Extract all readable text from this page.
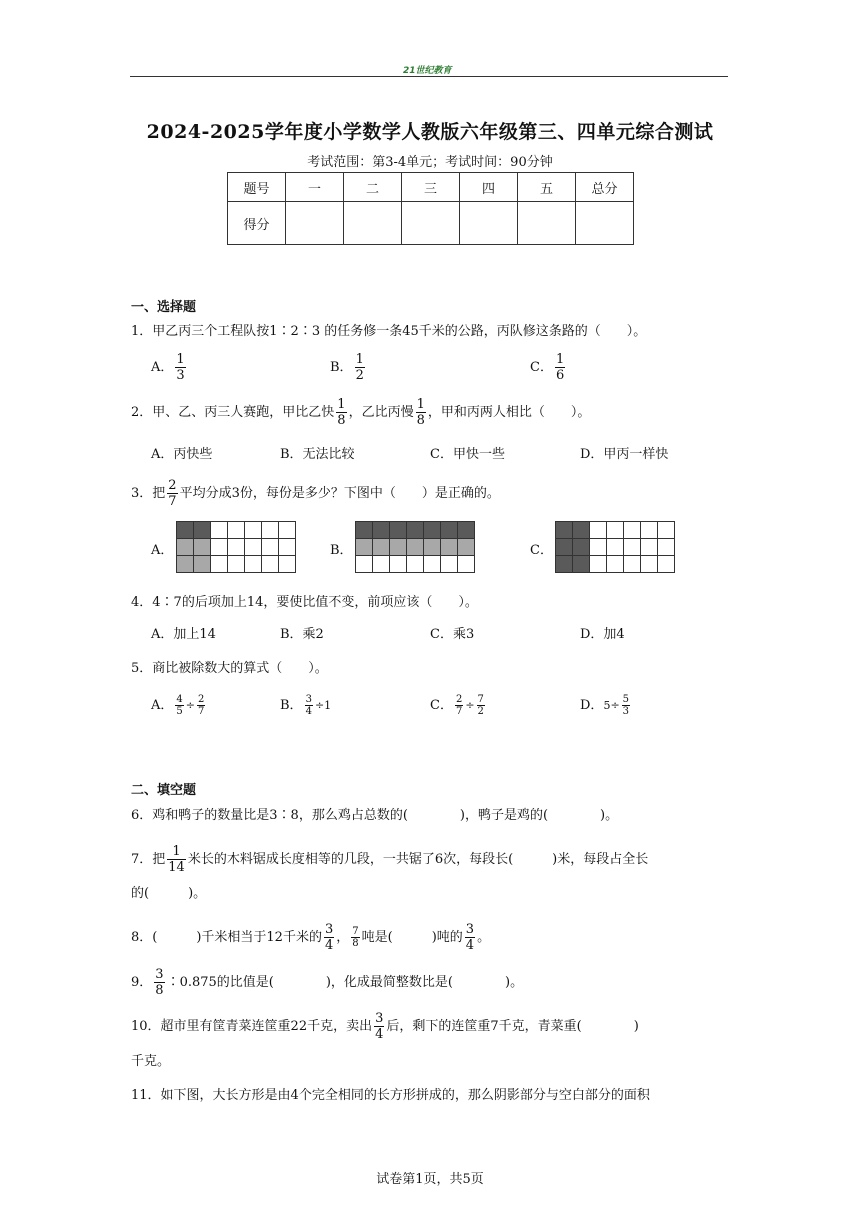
21世纪教育
2024-2025学年度小学数学人教版六年级第三、四单元综合测试
考试范围：第3-4单元；考试时间：90分钟
题号	一	二	三	四	五	总分
得分						
一、选择题
1．甲乙丙三个工程队按1∶2∶3 的任务修一条45千米的公路，丙队修这条路的（　　）。
A． $\frac{1}{3}$	B． $\frac{1}{2}$	C． $\frac{1}{6}$
2．甲、乙、丙三人赛跑，甲比乙快 $\frac{1}{8}$ ，乙比丙慢 $\frac{1}{8}$ ，甲和丙两人相比（　　）。
A．丙快些	B．无法比较	C．甲快一些	D．甲丙一样快
3．把 $\frac{2}{7}$ 平均分成3份，每份是多少？下图中（　　）是正确的。
A．

							B．

							C．

4．4∶7的后项加上14，要使比值不变，前项应该（　　）。
A．加上14	B．乘2	C．乘3	D．加4
5．商比被除数大的算式（　　）。
A． $\frac{4}{5} \div \frac{2}{7}$	B． $\frac{3}{4} \div 1$	C． $\frac{2}{7} \div \frac{7}{2}$	D．$5\div \frac{5}{3}$
二、填空题
6．鸡和鸭子的数量比是3∶8，那么鸡占总数的(　　　　)，鸭子是鸡的(　　　　)。
7．把 $\frac{1}{14}$ 米长的木料锯成长度相等的几段，一共锯了6次，每段长(　　　)米，每段占全长
的(　　　)。
8．(　　　)千米相当于12千米的 $\frac{3}{4}$ ， $\frac{7}{8}$ 吨是(　　　)吨的 $\frac{3}{4}$ 。
9． $\frac{3}{8}$ ∶0.875的比值是(　　　　)，化成最简整数比是(　　　　)。
10．超市里有筐青菜连筐重22千克，卖出 $\frac{3}{4}$ 后，剩下的连筐重7千克，青菜重(　　　　)
千克。
11．如下图，大长方形是由4个完全相同的长方形拼成的，那么阴影部分与空白部分的面积
试卷第1页，共5页
